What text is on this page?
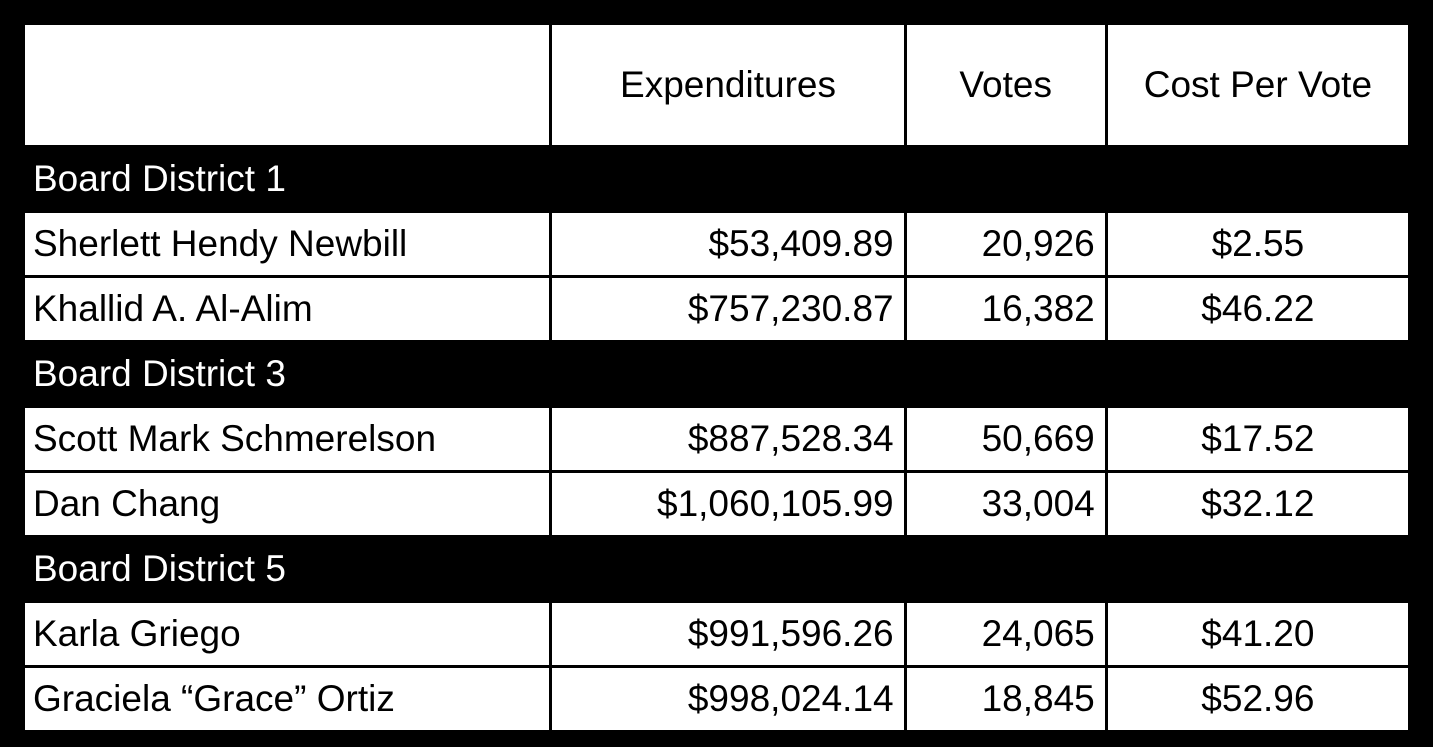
	Expenditures	Votes	Cost Per Vote
Board District 1			
Sherlett Hendy Newbill	$53,409.89	20,926	$2.55
Khallid A. Al-Alim	$757,230.87	16,382	$46.22
Board District 3			
Scott Mark Schmerelson	$887,528.34	50,669	$17.52
Dan Chang	$1,060,105.99	33,004	$32.12
Board District 5			
Karla Griego	$991,596.26	24,065	$41.20
Graciela “Grace” Ortiz	$998,024.14	18,845	$52.96
